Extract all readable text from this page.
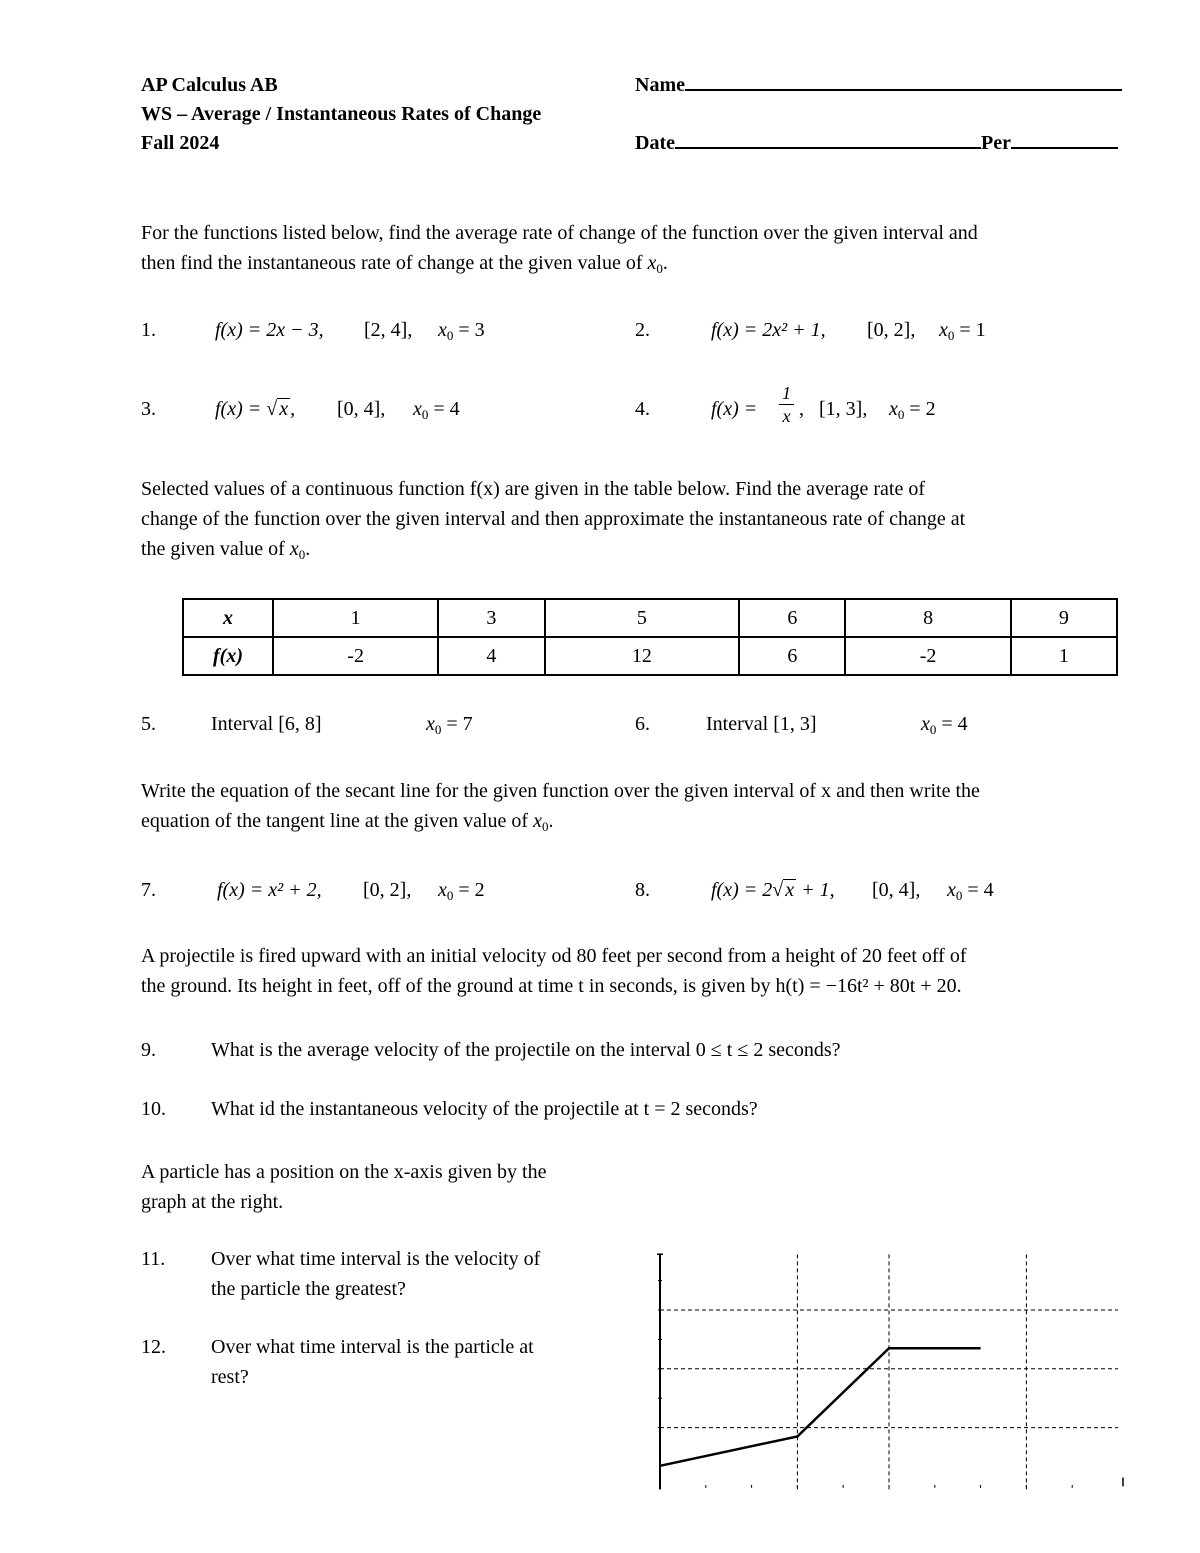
AP Calculus AB
WS – Average / Instantaneous Rates of Change
Fall 2024
Name
Date	Per
For the functions listed below, find the average rate of change of the function over the given interval and
then find the instantaneous rate of change at the given value of $x_0$.
1.	f(x) = 2x − 3, [2, 4], $x_0 = 3$	2.	f(x) = 2x² + 1, [0, 2], $x_0 = 1$
3.	f(x) = √ x , [0, 4], $x_0 = 4$	4.	$f(x) = \frac{1}{x}$ , [1, 3], $x_0 = 2$
Selected values of a continuous function f(x) are given in the table below. Find the average rate of
change of the function over the given interval and then approximate the instantaneous rate of change at
the given value of $x_0$.
x	1	3	5	6	8	9
f(x)	-2	4	12	6	-2	1
5.	Interval [6, 8]	$x_0 = 7$	6.	Interval [1, 3]	$x_0 = 4$
Write the equation of the secant line for the given function over the given interval of x and then write the
equation of the tangent line at the given value of $x_0$.
7.	f(x) = x² + 2, [0, 2], $x_0 = 2$	8.	f(x) = 2√ x + 1, [0, 4], $x_0 = 4$
A projectile is fired upward with an initial velocity od 80 feet per second from a height of 20 feet off of
the ground. Its height in feet, off of the ground at time t in seconds, is given by h(t) = −16t² + 80t + 20.
9.	What is the average velocity of the projectile on the interval 0 ≤ t ≤ 2 seconds?
10. What id the instantaneous velocity of the projectile at t = 2 seconds?
A particle has a position on the x-axis given by the
graph at the right.
11. Over what time interval is the velocity of
the particle the greatest?
12. Over what time interval is the particle at
rest?
